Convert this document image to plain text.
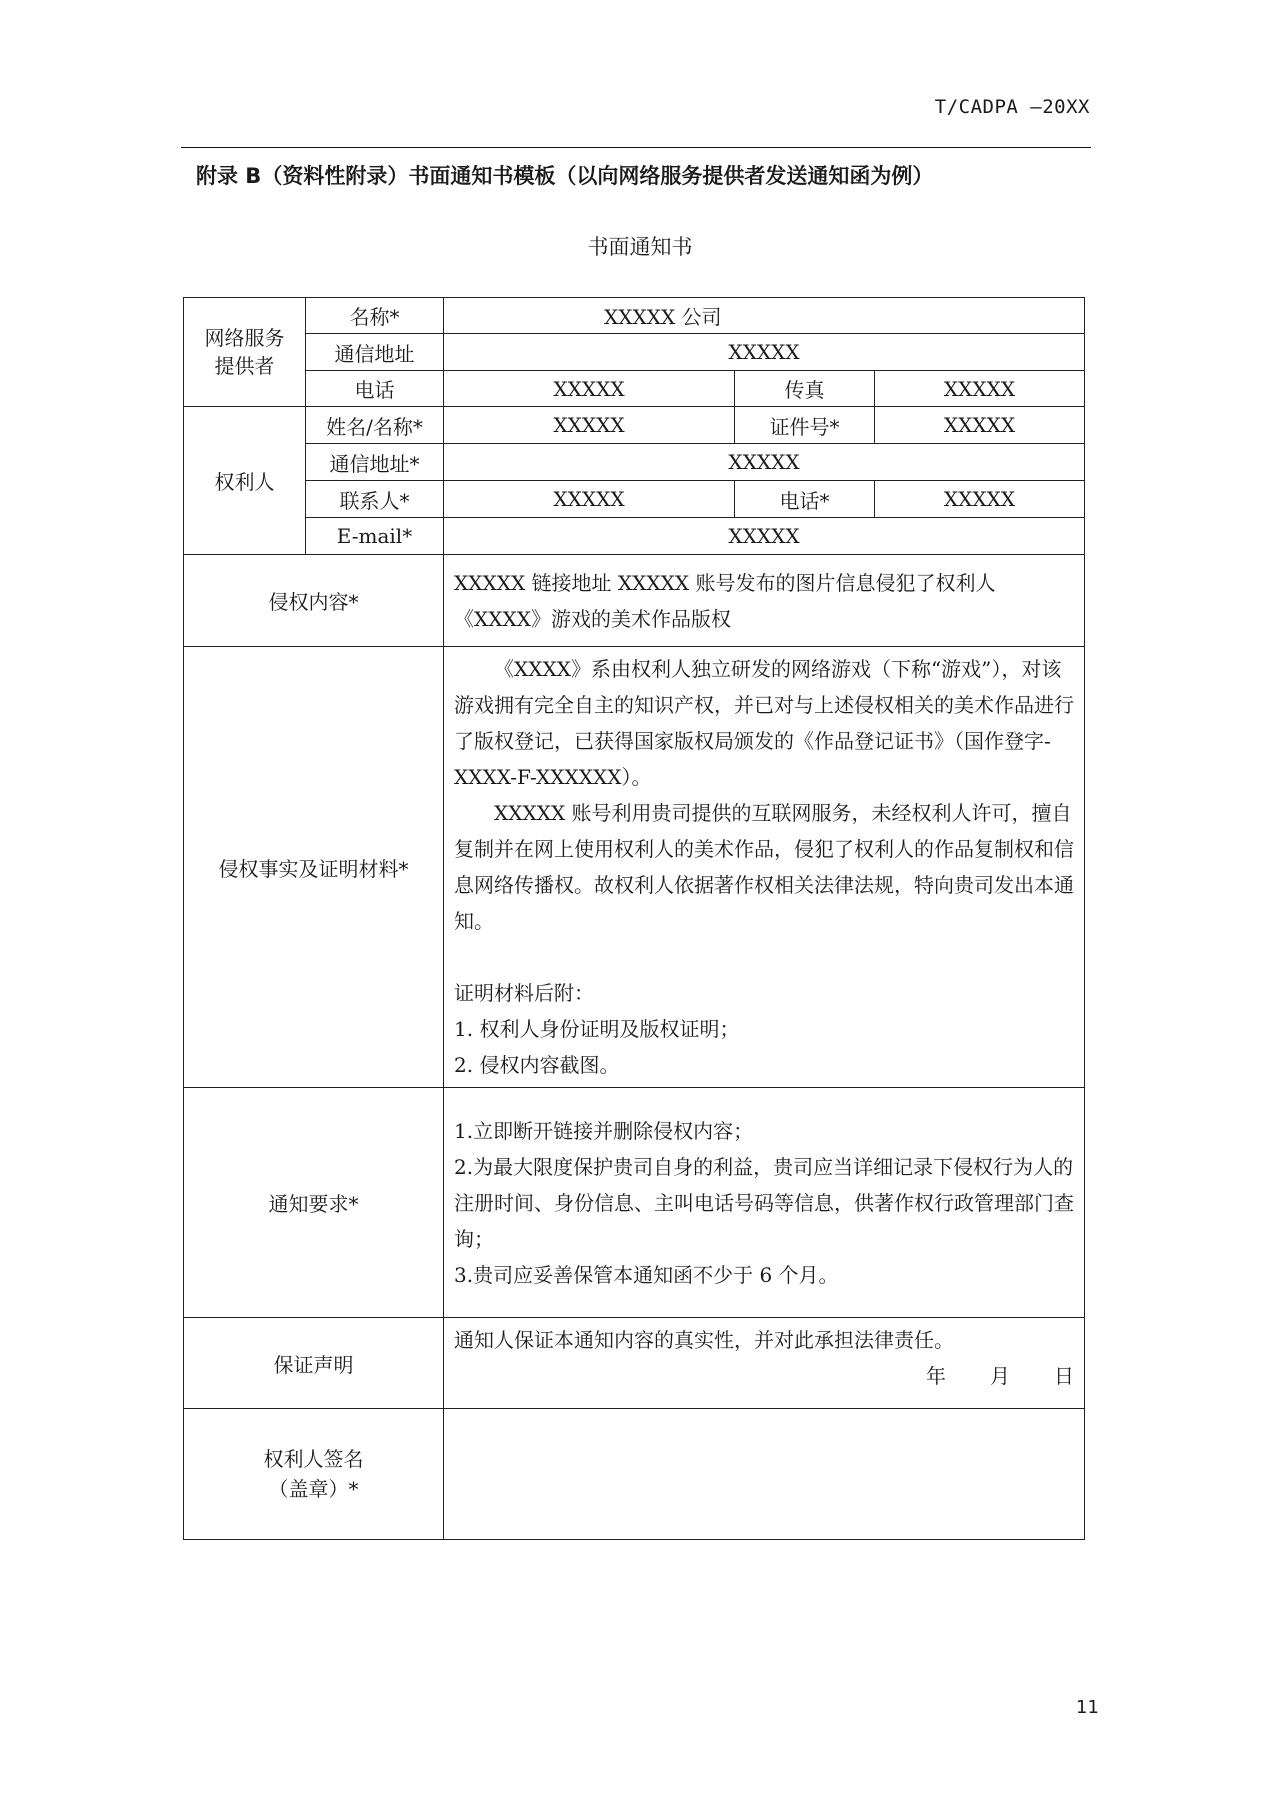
T/CADPA —20XX
附录 B（资料性附录）书面通知书模板（以向网络服务提供者发送通知函为例）
书面通知书
网络服务提供者	名称*	XXXXX 公司		
	通信地址	XXXXX		
	电话	XXXXX	传真	XXXXX
权利人	姓名/名称*	XXXXX	证件号*	XXXXX
	通信地址*	XXXXX		
	联系人*	XXXXX	电话*	XXXXX
	E-mail*	XXXXX		
侵权内容*		XXXXX 链接地址 XXXXX 账号发布的图片信息侵犯了权利人《XXXX》游戏的美术作品版权		
侵权事实及证明材料*		《XXXX》系由权利人独立研发的网络游戏（下称“游戏”），对该游戏拥有完全自主的知识产权，并已对与上述侵权相关的美术作品进行了版权登记，已获得国家版权局颁发的《作品登记证书》（国作登字-XXXX-F-XXXXXX）。
XXXXX 账号利用贵司提供的互联网服务，未经权利人许可，擅自复制并在网上使用权利人的美术作品，侵犯了权利人的作品复制权和信息网络传播权。故权利人依据著作权相关法律法规，特向贵司发出本通知。
证明材料后附：
1. 权利人身份证明及版权证明；
2. 侵权内容截图。		

通知要求*		1.立即断开链接并删除侵权内容；
2.为最大限度保护贵司自身的利益，贵司应当详细记录下侵权行为人的注册时间、身份信息、主叫电话号码等信息，供著作权行政管理部门查询；
3.贵司应妥善保管本通知函不少于 6 个月。		

保证声明		通知人保证本通知内容的真实性，并对此承担法律责任。
年 月 日		

权利人签名
（盖章）*				

11
